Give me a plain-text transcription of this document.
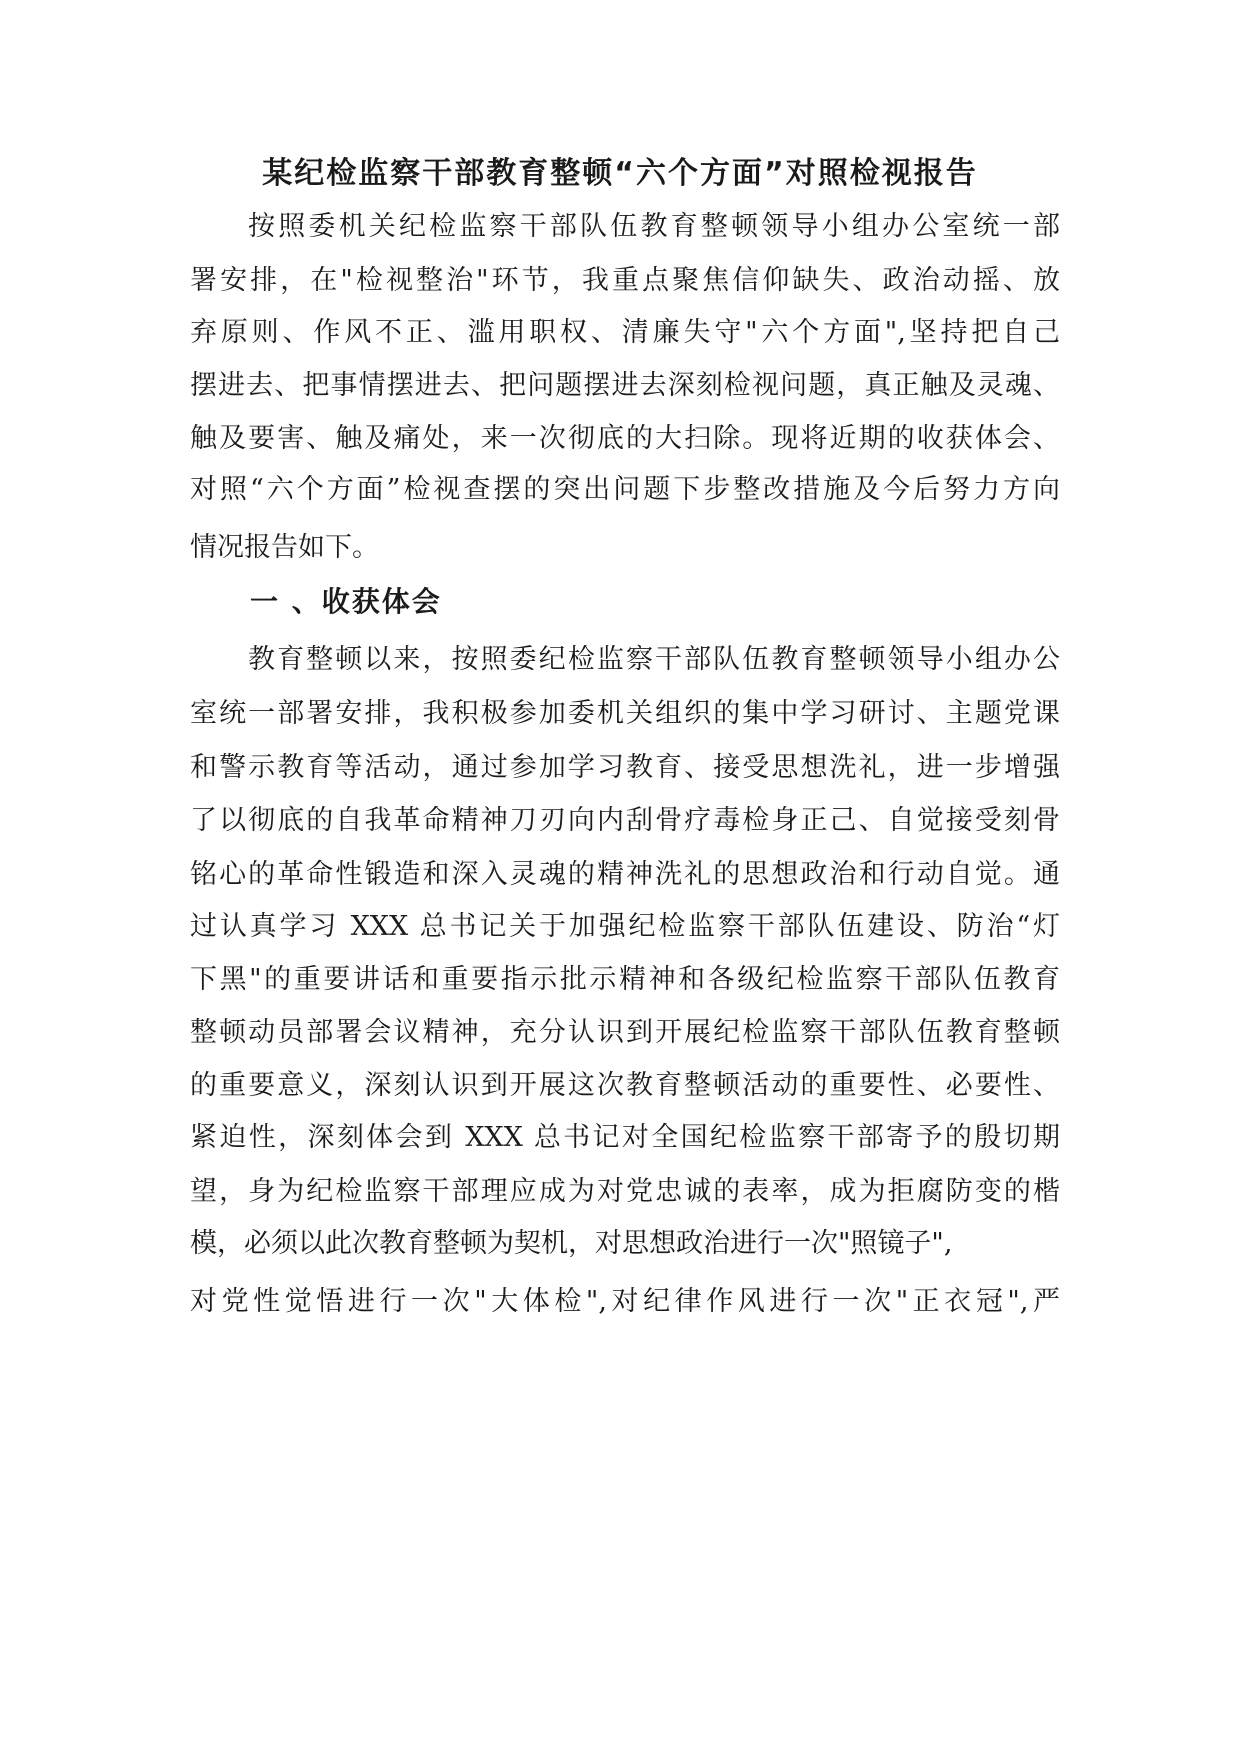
某纪检监察干部教育整顿“六个方面”对照检视报告
按照委机关纪检监察干部队伍教育整顿领导小组办公室统一部
署安排，在"检视整治"环节，我重点聚焦信仰缺失、政治动摇、放
弃原则、作风不正、滥用职权、清廉失守"六个方面",坚持把自己
摆进去、把事情摆进去、把问题摆进去深刻检视问题，真正触及灵魂、
触及要害、触及痛处，来一次彻底的大扫除。现将近期的收获体会、
对照“六个方面”检视查摆的突出问题下步整改措施及今后努力方向
情况报告如下。
一 、收获体会
教育整顿以来，按照委纪检监察干部队伍教育整顿领导小组办公
室统一部署安排，我积极参加委机关组织的集中学习研讨、主题党课
和警示教育等活动，通过参加学习教育、接受思想洗礼，进一步增强
了以彻底的自我革命精神刀刃向内刮骨疗毒检身正己、自觉接受刻骨
铭心的革命性锻造和深入灵魂的精神洗礼的思想政治和行动自觉。通
过认真学习 XXX 总书记关于加强纪检监察干部队伍建设、防治“灯
下黑"的重要讲话和重要指示批示精神和各级纪检监察干部队伍教育
整顿动员部署会议精神，充分认识到开展纪检监察干部队伍教育整顿
的重要意义，深刻认识到开展这次教育整顿活动的重要性、必要性、
紧迫性，深刻体会到 XXX 总书记对全国纪检监察干部寄予的殷切期
望，身为纪检监察干部理应成为对党忠诚的表率，成为拒腐防变的楷
模，必须以此次教育整顿为契机，对思想政治进行一次"照镜子",
对党性觉悟进行一次"大体检",对纪律作风进行一次"正衣冠",严
